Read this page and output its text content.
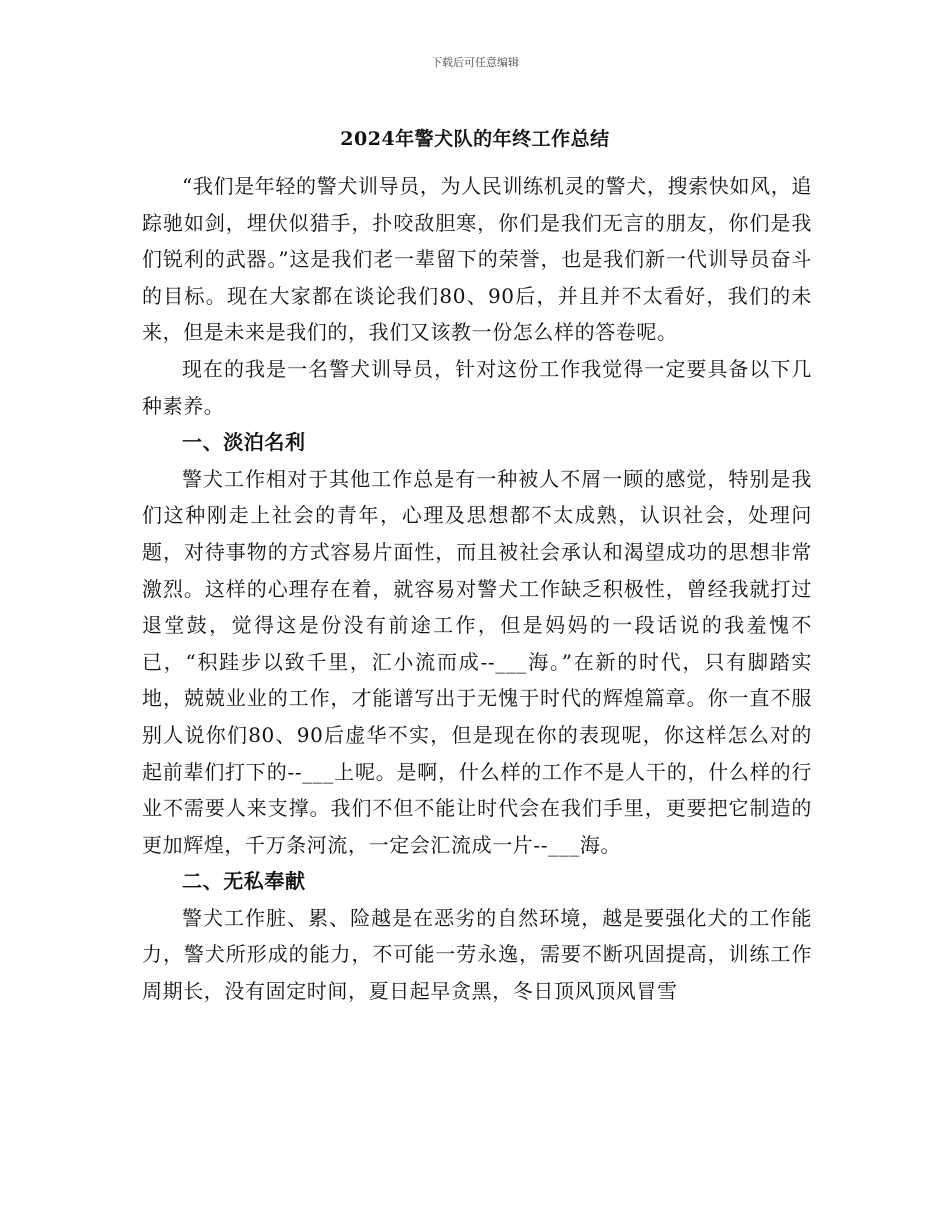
下载后可任意编辑
2024年警犬队的年终工作总结

“我们是年轻的警犬训导员，为人民训练机灵的警犬，搜索快如风，追踪驰如剑，埋伏似猎手，扑咬敌胆寒，你们是我们无言的朋友，你们是我们锐利的武器。”这是我们老一辈留下的荣誉，也是我们新一代训导员奋斗的目标。现在大家都在谈论我们80、90后，并且并不太看好，我们的未来，但是未来是我们的，我们又该教一份怎么样的答卷呢。

现在的我是一名警犬训导员，针对这份工作我觉得一定要具备以下几种素养。

一、淡泊名利

警犬工作相对于其他工作总是有一种被人不屑一顾的感觉，特别是我们这种刚走上社会的青年，心理及思想都不太成熟，认识社会，处理问题，对待事物的方式容易片面性，而且被社会承认和渴望成功的思想非常激烈。这样的心理存在着，就容易对警犬工作缺乏积极性，曾经我就打过退堂鼓，觉得这是份没有前途工作，但是妈妈的一段话说的我羞愧不已，“积跬步以致千里，汇小流而成--___海。”在新的时代，只有脚踏实地，兢兢业业的工作，才能谱写出于无愧于时代的辉煌篇章。你一直不服别人说你们80、90后虚华不实，但是现在你的表现呢，你这样怎么对的起前辈们打下的--___上呢。是啊，什么样的工作不是人干的，什么样的行业不需要人来支撑。我们不但不能让时代会在我们手里，更要把它制造的更加辉煌，千万条河流，一定会汇流成一片--___海。

二、无私奉献

警犬工作脏、累、险越是在恶劣的自然环境，越是要强化犬的工作能力，警犬所形成的能力，不可能一劳永逸，需要不断巩固提高，训练工作周期长，没有固定时间，夏日起早贪黑，冬日顶风顶风冒雪
